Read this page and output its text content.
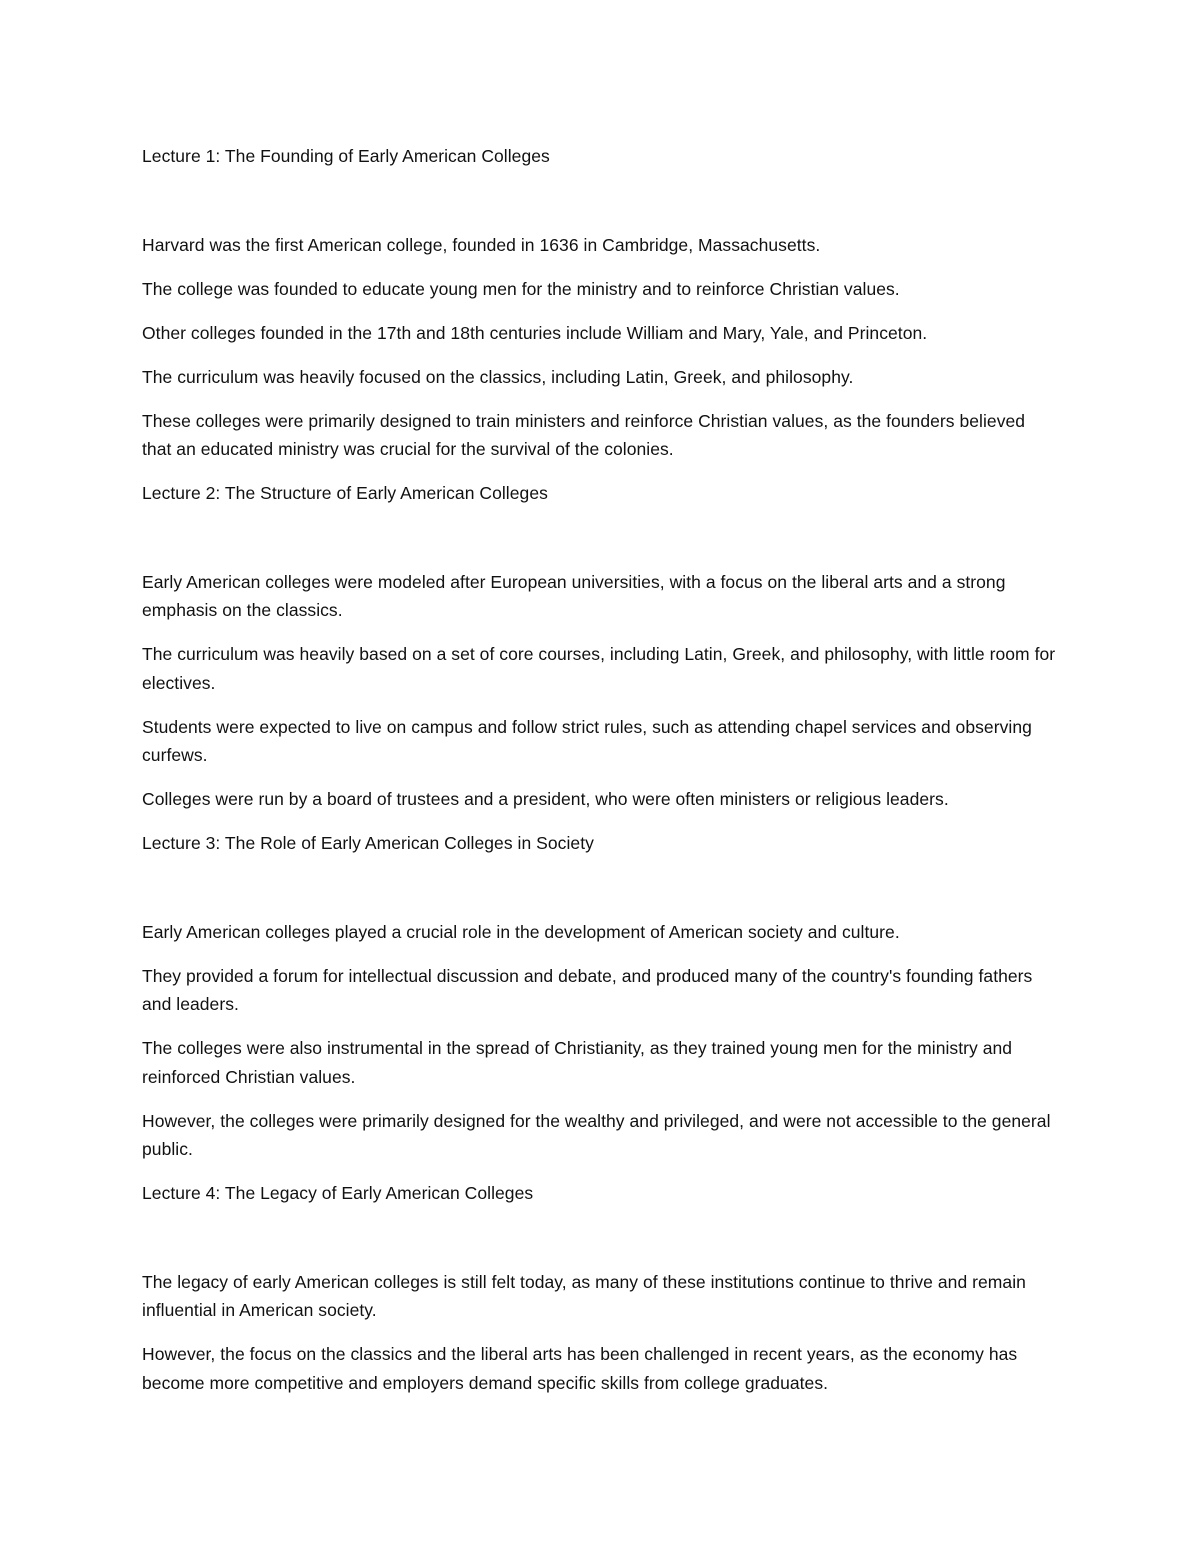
Lecture 1: The Founding of Early American Colleges

Harvard was the first American college, founded in 1636 in Cambridge, Massachusetts.

The college was founded to educate young men for the ministry and to reinforce Christian values.

Other colleges founded in the 17th and 18th centuries include William and Mary, Yale, and Princeton.

The curriculum was heavily focused on the classics, including Latin, Greek, and philosophy.

These colleges were primarily designed to train ministers and reinforce Christian values, as the founders believed that an educated ministry was crucial for the survival of the colonies.

Lecture 2: The Structure of Early American Colleges

Early American colleges were modeled after European universities, with a focus on the liberal arts and a strong emphasis on the classics.

The curriculum was heavily based on a set of core courses, including Latin, Greek, and philosophy, with little room for electives.

Students were expected to live on campus and follow strict rules, such as attending chapel services and observing curfews.

Colleges were run by a board of trustees and a president, who were often ministers or religious leaders.

Lecture 3: The Role of Early American Colleges in Society

Early American colleges played a crucial role in the development of American society and culture.

They provided a forum for intellectual discussion and debate, and produced many of the country's founding fathers and leaders.

The colleges were also instrumental in the spread of Christianity, as they trained young men for the ministry and reinforced Christian values.

However, the colleges were primarily designed for the wealthy and privileged, and were not accessible to the general public.

Lecture 4: The Legacy of Early American Colleges

The legacy of early American colleges is still felt today, as many of these institutions continue to thrive and remain influential in American society.

However, the focus on the classics and the liberal arts has been challenged in recent years, as the economy has become more competitive and employers demand specific skills from college graduates.
